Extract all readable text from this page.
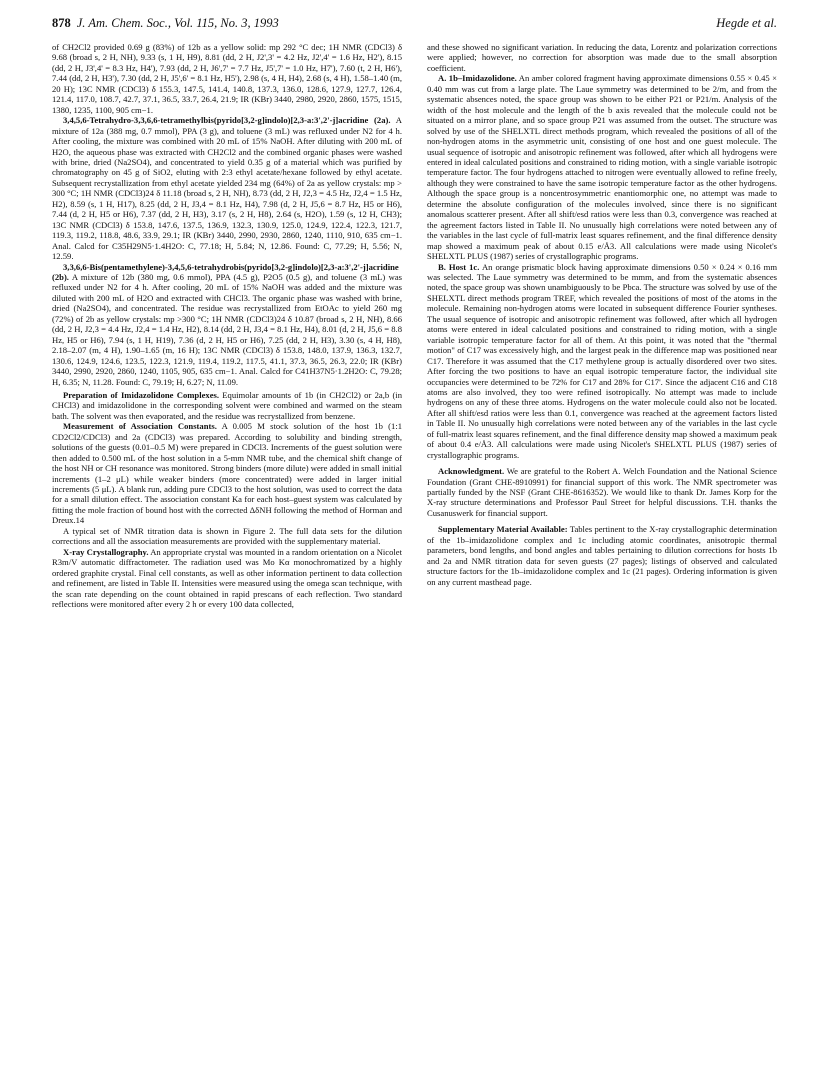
878 J. Am. Chem. Soc., Vol. 115, No. 3, 1993	Hegde et al.

of CH2Cl2 provided 0.69 g (83%) of 12b as a yellow solid: mp 292 °C dec; 1H NMR (CDCl3) δ 9.68 (broad s, 2 H, NH), 9.33 (s, 1 H, H9), 8.81 (dd, 2 H, J2',3' = 4.2 Hz, J2',4' = 1.6 Hz, H2'), 8.15 (dd, 2 H, J3',4' = 8.3 Hz, H4'), 7.93 (dd, 2 H, J6',7' = 7.7 Hz, J5',7' = 1.0 Hz, H7'), 7.60 (t, 2 H, H6'), 7.44 (dd, 2 H, H3'), 7.30 (dd, 2 H, J5',6' = 8.1 Hz, H5'), 2.98 (s, 4 H, H4), 2.68 (s, 4 H), 1.58–1.40 (m, 20 H); 13C NMR (CDCl3) δ 155.3, 147.5, 141.4, 140.8, 137.3, 136.0, 128.6, 127.9, 127.7, 126.4, 121.4, 117.0, 108.7, 42.7, 37.1, 36.5, 33.7, 26.4, 21.9; IR (KBr) 3440, 2980, 2920, 2860, 1575, 1515, 1380, 1235, 1100, 905 cm−1.

3,4,5,6-Tetrahydro-3,3,6,6-tetramethylbis(pyrido[3,2-g]indolo)[2,3-a:3',2'-j]acridine (2a). A mixture of 12a (388 mg, 0.7 mmol), PPA (3 g), and toluene (3 mL) was refluxed under N2 for 4 h. After cooling, the mixture was combined with 20 mL of 15% NaOH. After diluting with 200 mL of H2O, the aqueous phase was extracted with CH2Cl2 and the combined organic phases were washed with brine, dried (Na2SO4), and concentrated to yield 0.35 g of a material which was purified by chromatography on 45 g of SiO2, eluting with 2:3 ethyl acetate/hexane followed by ethyl acetate. Subsequent recrystallization from ethyl acetate yielded 234 mg (64%) of 2a as yellow crystals: mp > 300 °C; 1H NMR (CDCl3)24 δ 11.18 (broad s, 2 H, NH), 8.73 (dd, 2 H, J2,3 = 4.5 Hz, J2,4 = 1.5 Hz, H2), 8.59 (s, 1 H, H17), 8.25 (dd, 2 H, J3,4 = 8.1 Hz, H4), 7.98 (d, 2 H, J5,6 = 8.7 Hz, H5 or H6), 7.44 (d, 2 H, H5 or H6), 7.37 (dd, 2 H, H3), 3.17 (s, 2 H, H8), 2.64 (s, H2O), 1.59 (s, 12 H, CH3); 13C NMR (CDCl3) δ 153.8, 147.6, 137.5, 136.9, 132.3, 130.9, 125.0, 124.9, 122.4, 122.3, 121.7, 119.3, 119.2, 118.8, 48.6, 33.9, 29.1; IR (KBr) 3440, 2990, 2930, 2860, 1240, 1110, 910, 635 cm−1. Anal. Calcd for C35H29N5·1.4H2O: C, 77.18; H, 5.84; N, 12.86. Found: C, 77.29; H, 5.56; N, 12.59.

3,3,6,6-Bis(pentamethylene)-3,4,5,6-tetrahydrobis(pyrido[3,2-g]indolo)[2,3-a:3',2'-j]acridine (2b). A mixture of 12b (380 mg, 0.6 mmol), PPA (4.5 g), P2O5 (0.5 g), and toluene (3 mL) was refluxed under N2 for 4 h. After cooling, 20 mL of 15% NaOH was added and the mixture was diluted with 200 mL of H2O and extracted with CHCl3. The organic phase was washed with brine, dried (Na2SO4), and concentrated. The residue was recrystallized from EtOAc to yield 260 mg (72%) of 2b as yellow crystals: mp >300 °C; 1H NMR (CDCl3)24 δ 10.87 (broad s, 2 H, NH), 8.66 (dd, 2 H, J2,3 = 4.4 Hz, J2,4 = 1.4 Hz, H2), 8.14 (dd, 2 H, J3,4 = 8.1 Hz, H4), 8.01 (d, 2 H, J5,6 = 8.8 Hz, H5 or H6), 7.94 (s, 1 H, H19), 7.36 (d, 2 H, H5 or H6), 7.25 (dd, 2 H, H3), 3.30 (s, 4 H, H8), 2.18–2.07 (m, 4 H), 1.90–1.65 (m, 16 H); 13C NMR (CDCl3) δ 153.8, 148.0, 137.9, 136.3, 132.7, 130.6, 124.9, 124.6, 123.5, 122.3, 121.9, 119.4, 119.2, 117.5, 41.1, 37.3, 36.5, 26.3, 22.0; IR (KBr) 3440, 2990, 2920, 2860, 1240, 1105, 905, 635 cm−1. Anal. Calcd for C41H37N5·1.2H2O: C, 79.28; H, 6.35; N, 11.28. Found: C, 79.19; H, 6.27; N, 11.09.

Preparation of Imidazolidone Complexes. Equimolar amounts of 1b (in CH2Cl2) or 2a,b (in CHCl3) and imidazolidone in the corresponding solvent were combined and warmed on the steam bath. The solvent was then evaporated, and the residue was recrystallized from benzene.

Measurement of Association Constants. A 0.005 M stock solution of the host 1b (1:1 CD2Cl2/CDCl3) and 2a (CDCl3) was prepared. According to solubility and binding strength, solutions of the guests (0.01–0.5 M) were prepared in CDCl3. Increments of the guest solution were then added to 0.500 mL of the host solution in a 5-mm NMR tube, and the chemical shift change of the host NH or CH resonance was monitored. Strong binders (more dilute) were added in small initial increments (1–2 μL) while weaker binders (more concentrated) were added in larger initial increments (5 μL). A blank run, adding pure CDCl3 to the host solution, was used to correct the data for a small dilution effect. The association constant Ka for each host–guest system was calculated by fitting the mole fraction of bound host with the corrected ΔδNH following the method of Horman and Dreux.14

A typical set of NMR titration data is shown in Figure 2. The full data sets for the dilution corrections and all the association measurements are provided with the supplementary material.

X-ray Crystallography. An appropriate crystal was mounted in a random orientation on a Nicolet R3m/V automatic diffractometer. The radiation used was Mo Kα monochromatized by a highly ordered graphite crystal. Final cell constants, as well as other information pertinent to data collection and refinement, are listed in Table II. Intensities were measured using the omega scan technique, with the scan rate depending on the count obtained in rapid prescans of each reflection. Two standard reflections were monitored after every 2 h or every 100 data collected,

and these showed no significant variation. In reducing the data, Lorentz and polarization corrections were applied; however, no correction for absorption was made due to the small absorption coefficient.

A. 1b–Imidazolidone. An amber colored fragment having approximate dimensions 0.55 × 0.45 × 0.40 mm was cut from a large plate. The Laue symmetry was determined to be 2/m, and from the systematic absences noted, the space group was shown to be either P21 or P21/m. Analysis of the width of the host molecule and the length of the b axis revealed that the molecule could not be situated on a mirror plane, and so space group P21 was assumed from the outset. The structure was solved by use of the SHELXTL direct methods program, which revealed the positions of all of the non-hydrogen atoms in the asymmetric unit, consisting of one host and one guest molecule. The usual sequence of isotropic and anisotropic refinement was followed, after which all hydrogens were entered in ideal calculated positions and constrained to riding motion, with a single variable isotropic temperature factor. The four hydrogens attached to nitrogen were eventually allowed to refine freely, although they were constrained to have the same isotropic temperature factor as the other hydrogens. Although the space group is a noncentrosymmetric enantiomorphic one, no attempt was made to determine the absolute configuration of the molecules involved, since there is no significant anomalous scatterer present. After all shift/esd ratios were less than 0.3, convergence was reached at the agreement factors listed in Table II. No unusually high correlations were noted between any of the variables in the last cycle of full-matrix least squares refinement, and the final difference density map showed a maximum peak of about 0.15 e/Å3. All calculations were made using Nicolet's SHELXTL PLUS (1987) series of crystallographic programs.

B. Host 1c. An orange prismatic block having approximate dimensions 0.50 × 0.24 × 0.16 mm was selected. The Laue symmetry was determined to be mmm, and from the systematic absences noted, the space group was shown unambiguously to be Pbca. The structure was solved by use of the SHELXTL direct methods program TREF, which revealed the positions of most of the atoms in the molecule. Remaining non-hydrogen atoms were located in subsequent difference Fourier syntheses. The usual sequence of isotropic and anisotropic refinement was followed, after which all hydrogen atoms were entered in ideal calculated positions and constrained to riding motion, with a single variable isotropic temperature factor for all of them. At this point, it was noted that the "thermal motion" of C17 was excessively high, and the largest peak in the difference map was positioned near C17. Therefore it was assumed that the C17 methylene group is actually disordered over two sites. After forcing the two positions to have an equal isotropic temperature factor, the individual site occupancies were determined to be 72% for C17 and 28% for C17'. Since the adjacent C16 and C18 atoms are also involved, they too were refined isotropically. No attempt was made to include hydrogens on any of these three atoms. Hydrogens on the water molecule could also not be located. After all shift/esd ratios were less than 0.1, convergence was reached at the agreement factors listed in Table II. No unusually high correlations were noted between any of the variables in the last cycle of full-matrix least squares refinement, and the final difference density map showed a maximum peak of about 0.4 e/Å3. All calculations were made using Nicolet's SHELXTL PLUS (1987) series of crystallographic programs.

Acknowledgment. We are grateful to the Robert A. Welch Foundation and the National Science Foundation (Grant CHE-8910991) for financial support of this work. The NMR spectrometer was partially funded by the NSF (Grant CHE-8616352). We would like to thank Dr. James Korp for the X-ray structure determinations and Professor Paul Street for helpful discussions. T.H. thanks the Cusanuswerk for financial support.

Supplementary Material Available: Tables pertinent to the X-ray crystallographic determination of the 1b–imidazolidone complex and 1c including atomic coordinates, anisotropic thermal parameters, bond lengths, and bond angles and tables pertaining to dilution corrections for hosts 1b and 2a and NMR titration data for seven guests (27 pages); listings of observed and calculated structure factors for the 1b–imidazolidone complex and 1c (21 pages). Ordering information is given on any current masthead page.
